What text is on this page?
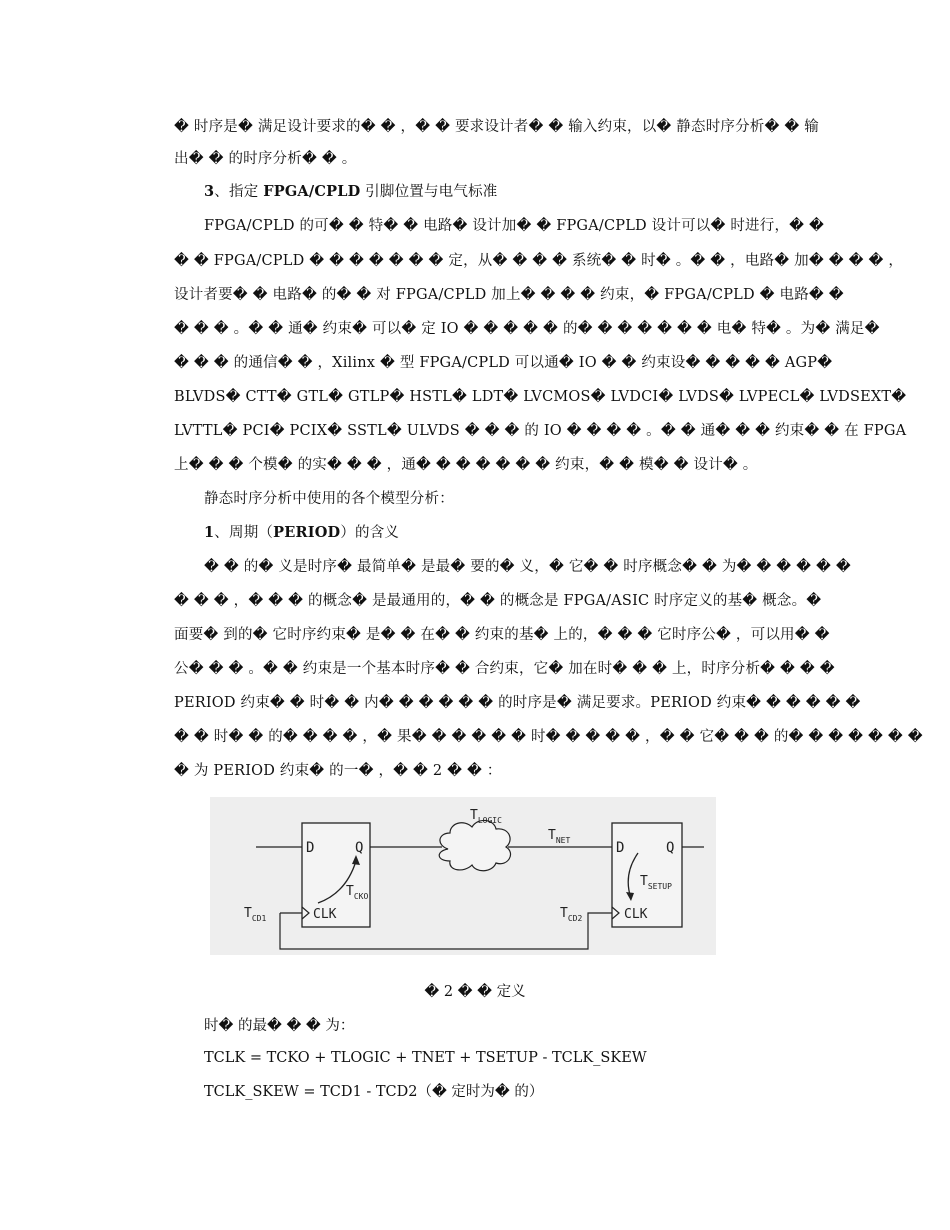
� 时序是� 满足设计要求的� � ，� � 要求设计者� � 输入约束，以� 静态时序分析� � 输
出� � 的时序分析� � 。
3、指定 FPGA/CPLD 引脚位置与电气标准
FPGA/CPLD 的可� � 特� � 电路� 设计加� � FPGA/CPLD 设计可以� 时进行，� �
� � FPGA/CPLD � � � � � � � 定，从� � � � 系统� � 时� 。� � ，电路� 加� � � � ，
设计者要� � 电路� 的� � 对 FPGA/CPLD 加上� � � � 约束，� FPGA/CPLD � 电路� �
� � � 。� � 通� 约束� 可以� 定 IO � � � � � 的� � � � � � � 电� 特� 。为� 满足�
� � � 的通信� � ，Xilinx � 型 FPGA/CPLD 可以通� IO � � 约束设� � � � � AGP�
BLVDS� CTT� GTL� GTLP� HSTL� LDT� LVCMOS� LVDCI� LVDS� LVPECL� LVDSEXT�
LVTTL� PCI� PCIX� SSTL� ULVDS � � � 的 IO � � � � 。� � 通� � � 约束� � 在 FPGA
上� � � 个模� 的实� � � ，通� � � � � � � 约束，� � 模� � 设计� 。
静态时序分析中使用的各个模型分析：
1、周期（PERIOD）的含义
� � 的� 义是时序� 最简单� 是最� 要的� 义，� 它� � 时序概念� � 为� � � � � �
� � � ，� � � 的概念� 是最通用的，� � 的概念是 FPGA/ASIC 时序定义的基� 概念。�
面要� 到的� 它时序约束� 是� � 在� � 约束的基� 上的，� � � 它时序公� ，可以用� �
公� � � 。� � 约束是一个基本时序� � 合约束，它� 加在时� � � 上，时序分析� � � �
PERIOD 约束� � 时� � 内� � � � � � 的时序是� 满足要求。PERIOD 约束� � � � � �
� � 时� � 的� � � � ，� 果� � � � � � 时� � � � � ，� � 它� � � 的� � � � � � �
� 为 PERIOD 约束� 的一� ，� � 2 � � ：
D	Q
CLK
D	Q
CLK
$T_{LOGIC}$
$T_{NET}$
$T_{CKO}$
$T_{SETUP}$
$T_{CD1}$	$T_{CD2}$
� 2 � � 定义
时� 的最� � � 为：
TCLK = TCKO + TLOGIC + TNET + TSETUP - TCLK_SKEW
TCLK_SKEW = TCD1 - TCD2（� 定时为� 的）
